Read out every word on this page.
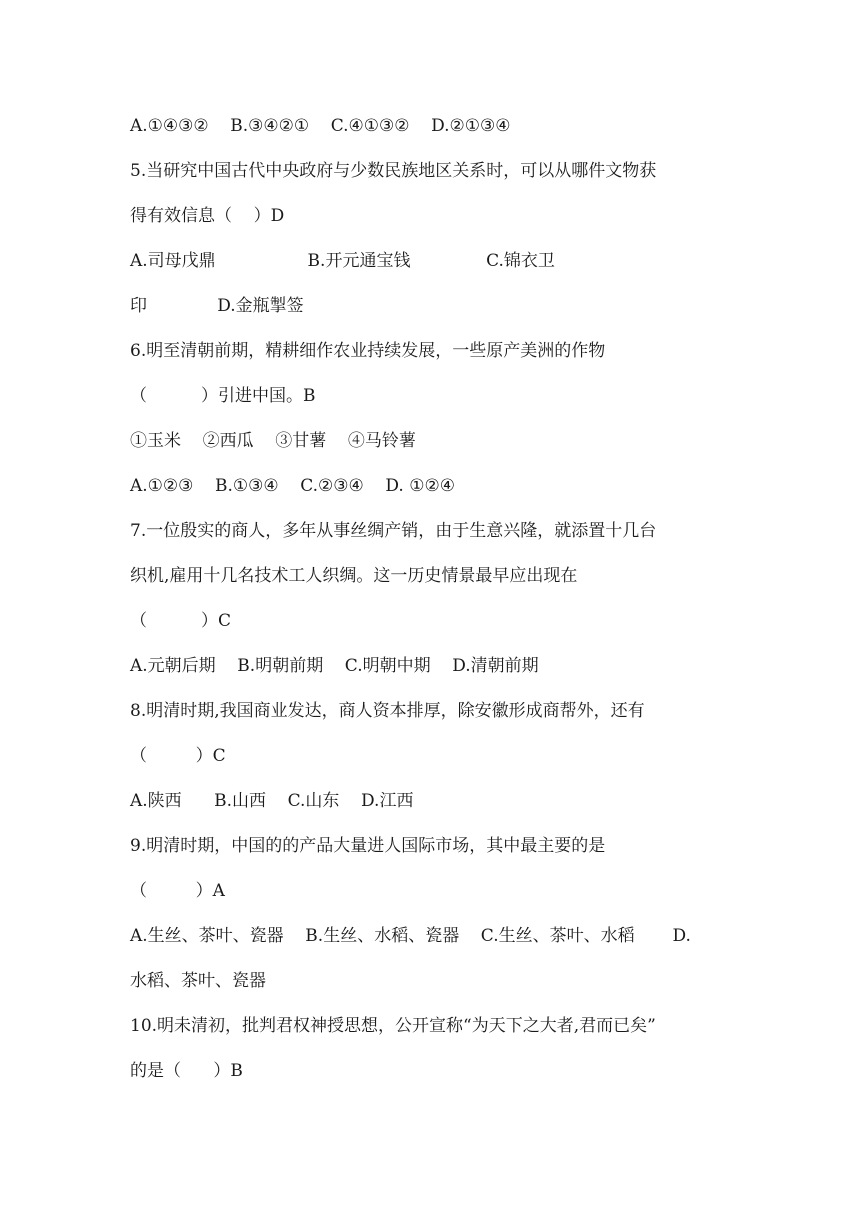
A.①④③②    B.③④②①    C.④①③②    D.②①③④

5.当研究中国古代中央政府与少数民族地区关系时，可以从哪件文物获

得有效信息（    ）D

A.司母戊鼎                 B.开元通宝钱              C.锦衣卫

印             D.金瓶掣签

6.明至清朝前期，精耕细作农业持续发展，一些原产美洲的作物

（          ）引进中国。B

①玉米    ②西瓜    ③甘薯    ④马铃薯

A.①②③    B.①③④    C.②③④    D. ①②④

7.一位殷实的商人，多年从事丝绸产销，由于生意兴隆，就添置十几台

织机,雇用十几名技术工人织绸。这一历史情景最早应出现在

（          ）C

A.元朝后期    B.明朝前期    C.明朝中期    D.清朝前期

8.明清时期,我国商业发达，商人资本排厚，除安徽形成商帮外，还有

（         ）C

A.陕西      B.山西    C.山东    D.江西

9.明清时期，中国的的产品大量进人国际市场，其中最主要的是

（         ）A

A.生丝、茶叶、瓷器    B.生丝、水稻、瓷器    C.生丝、茶叶、水稻       D.

水稻、茶叶、瓷器

10.明未清初，批判君权神授思想，公开宣称“为天下之大者,君而已矣”

的是（      ）B
